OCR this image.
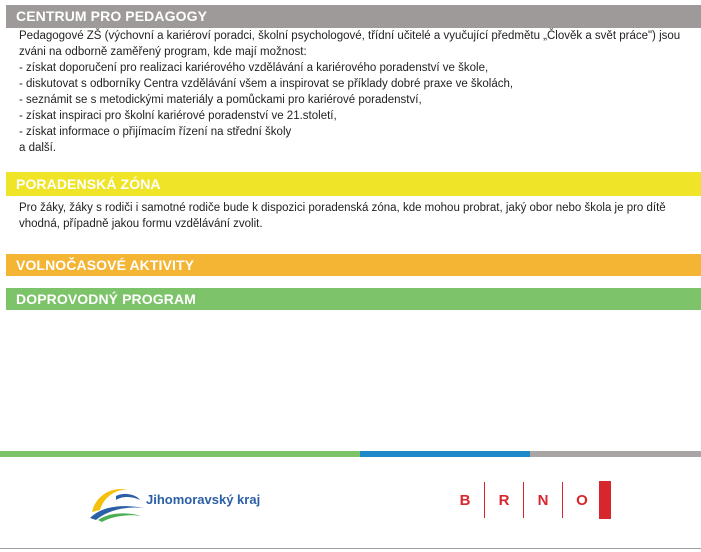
CENTRUM PRO PEDAGOGY
Pedagogové ZŠ (výchovní a kariéroví poradci, školní psychologové, třídní učitelé a vyučující předmětu „Člověk a svět práce") jsou zváni na odborně zaměřený program, kde mají možnost:
- získat doporučení pro realizaci kariérového vzdělávání a kariérového poradenství ve škole,
- diskutovat s odborníky Centra vzdělávání všem a inspirovat se příklady dobré praxe ve školách,
- seznámit se s metodickými materiály a pomůckami pro kariérové poradenství,
- získat inspiraci pro školní kariérové poradenství ve 21.století,
- získat informace o přijímacím řízení na střední školy
a další.
PORADENSKÁ ZÓNA
Pro žáky, žáky s rodiči i samotné rodiče bude k dispozici poradenská zóna, kde mohou probrat, jaký obor nebo škola je pro dítě vhodná, případně jakou formu vzdělávání zvolit.
VOLNOČASOVÉ AKTIVITY
DOPROVODNÝ PROGRAM
Jihomoravský kraj	B	R	N	O
